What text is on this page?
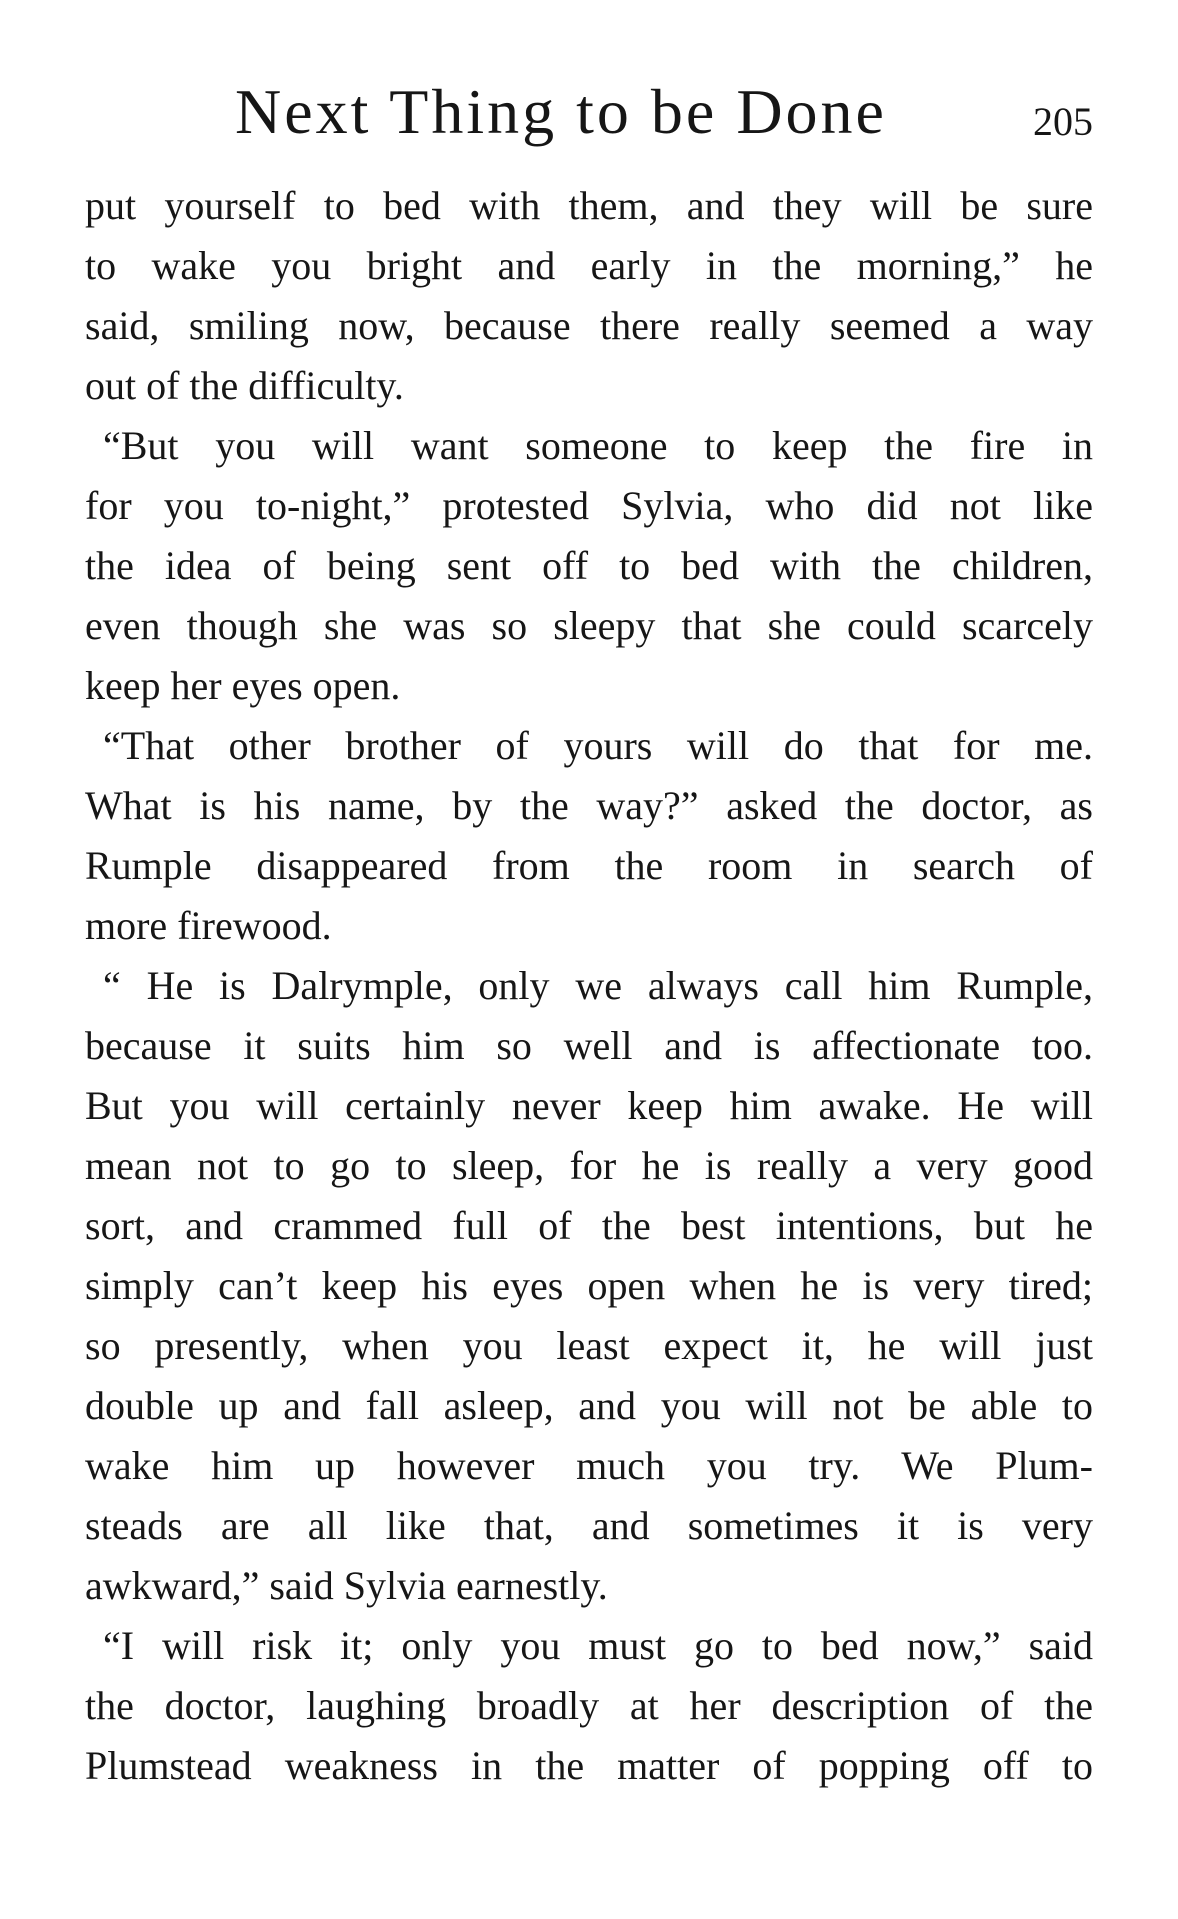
Next Thing to be Done	205
put yourself to bed with them, and they will be sure
to wake you bright and early in the morning,” he
said, smiling now, because there really seemed a way
out of the difficulty.
“But you will want someone to keep the fire in
for you to-night,” protested Sylvia, who did not like
the idea of being sent off to bed with the children,
even though she was so sleepy that she could scarcely
keep her eyes open.
“That other brother of yours will do that for me.
What is his name, by the way?” asked the doctor, as
Rumple disappeared from the room in search of
more firewood.
“ He is Dalrymple, only we always call him Rumple,
because it suits him so well and is affectionate too.
But you will certainly never keep him awake. He will
mean not to go to sleep, for he is really a very good
sort, and crammed full of the best intentions, but he
simply can’t keep his eyes open when he is very tired;
so presently, when you least expect it, he will just
double up and fall asleep, and you will not be able to
wake him up however much you try. We Plum-
steads are all like that, and sometimes it is very
awkward,” said Sylvia earnestly.
“I will risk it; only you must go to bed now,” said
the doctor, laughing broadly at her description of the
Plumstead weakness in the matter of popping off to
